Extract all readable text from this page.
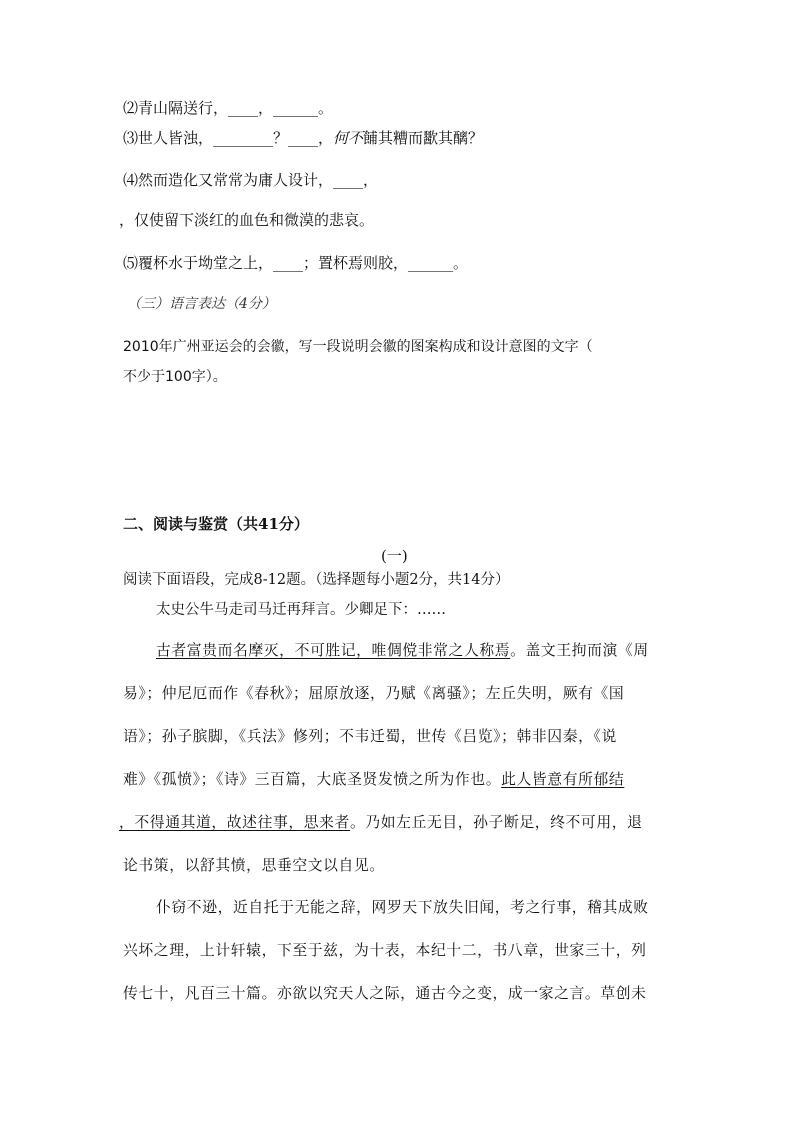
⑵青山隔送行，____，______。
⑶世人皆浊，________？____，何不餔其糟而歠其醨？
⑷然而造化又常常为庸人设计，____，
，仅使留下淡红的血色和微漠的悲哀。
⑸覆杯水于坳堂之上，____；置杯焉则胶，______。
（三）语言表达（4分）
2010年广州亚运会的会徽，写一段说明会徽的图案构成和设计意图的文字（
不少于100字）。
二、阅读与鉴赏（共41分）
(一)
阅读下面语段，完成8-12题。（选择题每小题2分，共14分）
太史公牛马走司马迁再拜言。少卿足下：……
古者富贵而名摩灭，不可胜记，唯倜傥非常之人称焉。盖文王拘而演《周
易》；仲尼厄而作《春秋》；屈原放逐，乃赋《离骚》；左丘失明，厥有《国
语》；孙子膑脚，《兵法》修列；不韦迁蜀，世传《吕览》；韩非囚秦，《说
难》《孤愤》；《诗》三百篇，大底圣贤发愤之所为作也。此人皆意有所郁结
，不得通其道，故述往事，思来者。乃如左丘无目，孙子断足，终不可用，退
论书策，以舒其愤，思垂空文以自见。
仆窃不逊，近自托于无能之辞，网罗天下放失旧闻，考之行事，稽其成败
兴坏之理，上计轩辕，下至于兹，为十表，本纪十二，书八章，世家三十，列
传七十，凡百三十篇。亦欲以究天人之际，通古今之变，成一家之言。草创未
